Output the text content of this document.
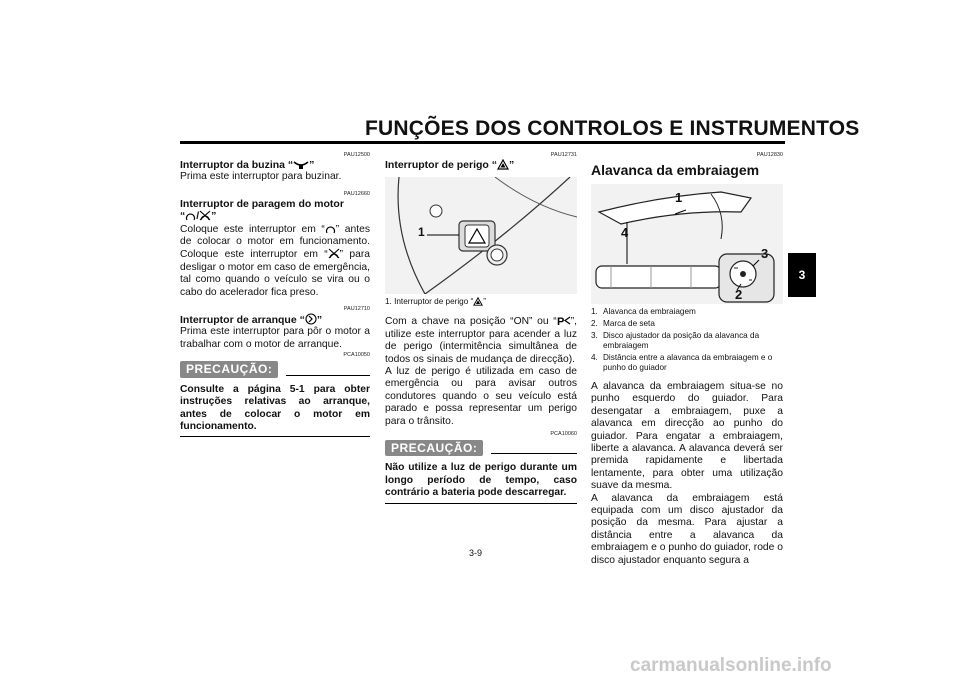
FUNÇÕES DOS CONTROLOS E INSTRUMENTOS
3
PAU12500
Interruptor da buzina “ ”

Prima este interruptor para buzinar.

PAU12660
Interruptor de paragem do motor
“ / ”

Coloque este interruptor em “ ” antes de colocar o motor em funcionamento. Coloque este interruptor em “ ” para desligar o motor em caso de emergência, tal como quando o veículo se vira ou o cabo do acelerador fica preso.

PAU12710
Interruptor de arranque “ ”

Prima este interruptor para pôr o motor a trabalhar com o motor de arranque.

PCA10050
PRECAUÇÃO:
Consulte a página 5-1 para obter instruções relativas ao arranque, antes de colocar o motor em funcionamento.
PAU12731
Interruptor de perigo “ ”
1
1. Interruptor de perigo “ ”

Com a chave na posição “ON” ou “ P ”, utilize este interruptor para acender a luz de perigo (intermitência simultânea de todos os sinais de mudança de direcção).

A luz de perigo é utilizada em caso de emergência ou para avisar outros condutores quando o seu veículo está parado e possa representar um perigo para o trânsito.

PCA10060
PRECAUÇÃO:
Não utilize a luz de perigo durante um longo período de tempo, caso contrário a bateria pode descarregar.
PAU12830
Alavanca da embraiagem
1
4
3
2
1. Alavanca da embraiagem
2. Marca de seta
3. Disco ajustador da posição da alavanca da embraiagem
4. Distância entre a alavanca da embraiagem e o punho do guiador

A alavanca da embraiagem situa-se no punho esquerdo do guiador. Para desengatar a embraiagem, puxe a alavanca em direcção ao punho do guiador. Para engatar a embraiagem, liberte a alavanca. A alavanca deverá ser premida rapidamente e libertada lentamente, para obter uma utilização suave da mesma.

A alavanca da embraiagem está equipada com um disco ajustador da posição da mesma. Para ajustar a distância entre a alavanca da embraiagem e o punho do guiador, rode o disco ajustador enquanto segura a

3-9
carmanualsonline.info
